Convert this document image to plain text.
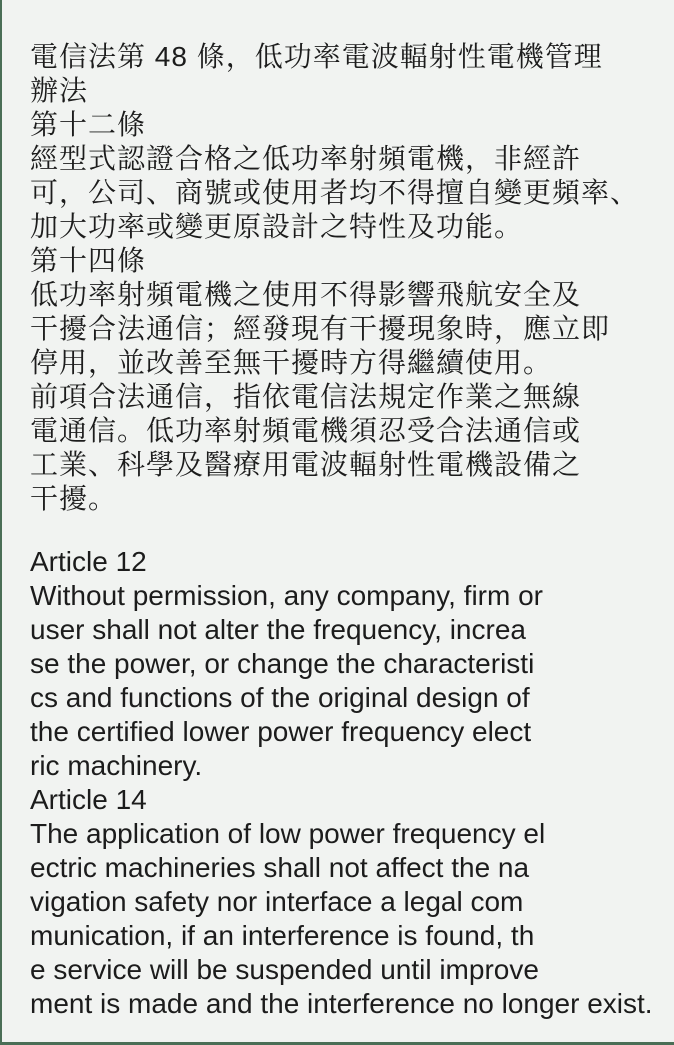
電信法第 48 條，低功率電波輻射性電機管理
辦法
第十二條
經型式認證合格之低功率射頻電機，非經許
可，公司、商號或使用者均不得擅自變更頻率、
加大功率或變更原設計之特性及功能。
第十四條
低功率射頻電機之使用不得影響飛航安全及
干擾合法通信；經發現有干擾現象時，應立即
停用，並改善至無干擾時方得繼續使用。
前項合法通信，指依電信法規定作業之無線
電通信。低功率射頻電機須忍受合法通信或
工業、科學及醫療用電波輻射性電機設備之
干擾。
Article 12
Without permission, any company, firm or
user shall not alter the frequency, increa
se the power, or change the characteristi
cs and functions of the original design of
the certified lower power frequency elect
ric machinery.
Article 14
The application of low power frequency el
ectric machineries shall not affect the na
vigation safety nor interface a legal com
munication, if an interference is found, th
e service will be suspended until improve
ment is made and the interference no longer exist.
